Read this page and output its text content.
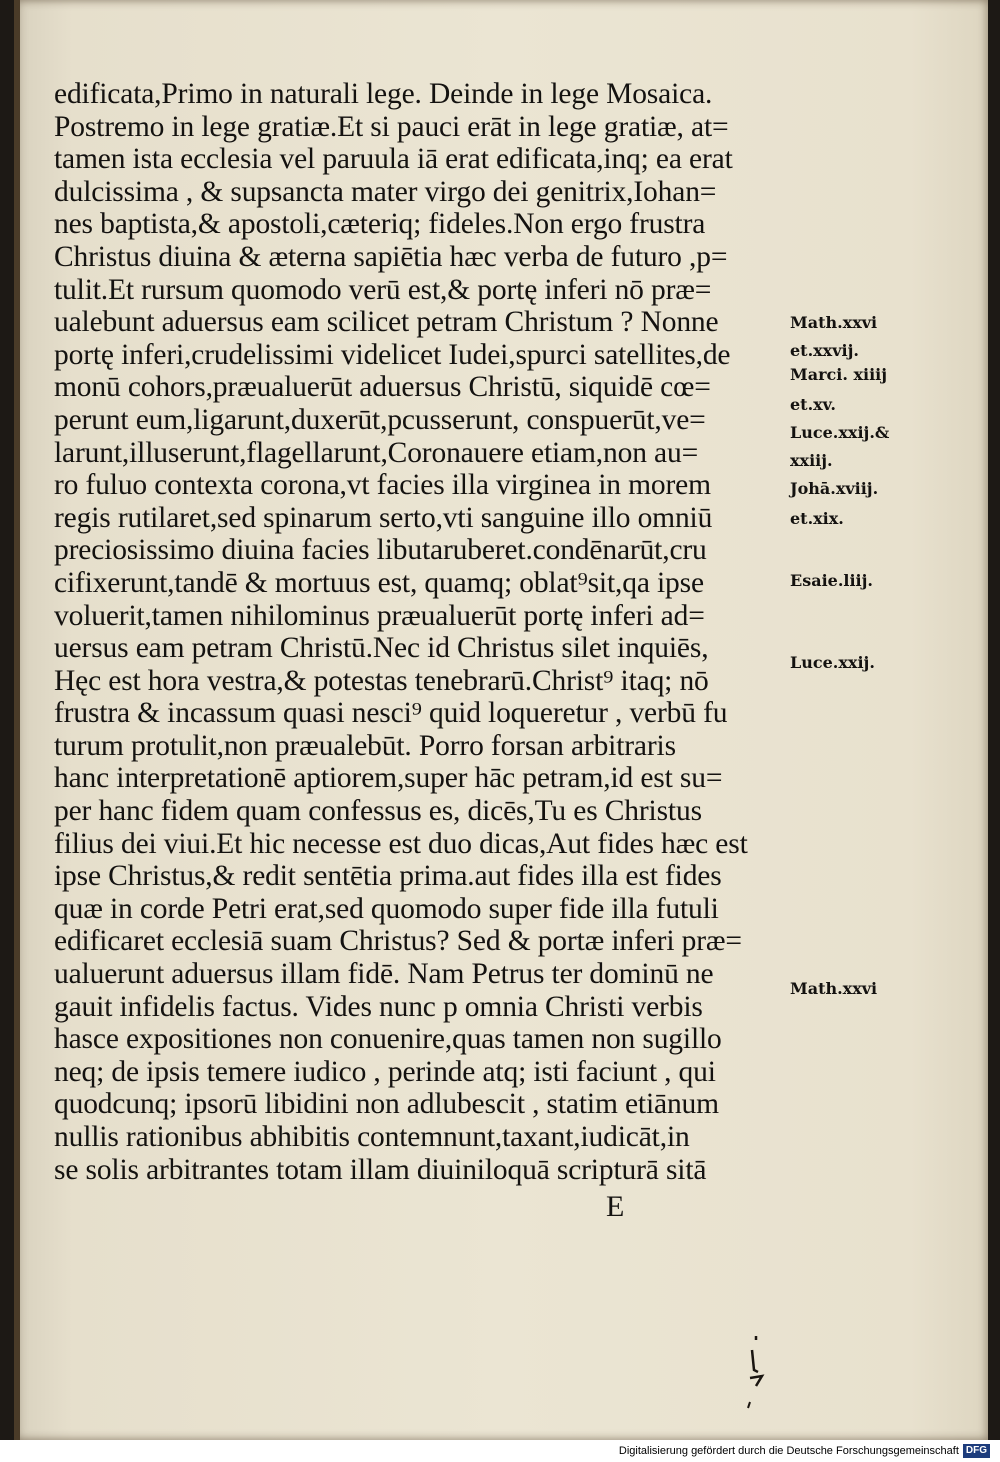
edificata,Primo in naturali lege. Deinde in lege Mosaica.
Postremo in lege gratiæ.Et si pauci erāt in lege gratiæ, at=
tamen ista ecclesia vel paruula iā erat edificata,inq; ea erat
dulcissima , & supsancta mater virgo dei genitrix,Iohan=
nes baptista,& apostoli,cæteriq; fideles.Non ergo frustra
Christus diuina & æterna sapiētia hæc verba de futuro ,p=
tulit.Et rursum quomodo verū est,& portę inferi nō præ=
ualebunt aduersus eam scilicet petram Christum ? Nonne
portę inferi,crudelissimi videlicet Iudei,spurci satellites,de
monū cohors,præualuerūt aduersus Christū, siquidē cœ=
perunt eum,ligarunt,duxerūt,pcusserunt, conspuerūt,ve=
larunt,illuserunt,flagellarunt,Coronauere etiam,non au=
ro fuluo contexta corona,vt facies illa virginea in morem
regis rutilaret,sed spinarum serto,vti sanguine illo omniū
preciosissimo diuina facies libutaruberet.condēnarūt,cru
cifixerunt,tandē & mortuus est, quamq; oblat⁹sit,qa ipse
voluerit,tamen nihilominus præualuerūt portę inferi ad=
uersus eam petram Christū.Nec id Christus silet inquiēs,
Hęc est hora vestra,& potestas tenebrarū.Christ⁹ itaq; nō
frustra & incassum quasi nesci⁹ quid loqueretur , verbū fu
turum protulit,non præualebūt. Porro forsan arbitraris
hanc interpretationē aptiorem,super hāc petram,id est su=
per hanc fidem quam confessus es, dicēs,Tu es Christus
filius dei viui.Et hic necesse est duo dicas,Aut fides hæc est
ipse Christus,& redit sentētia prima.aut fides illa est fides
quæ in corde Petri erat,sed quomodo super fide illa futuli
edificaret ecclesiā suam Christus? Sed & portæ inferi præ=
ualuerunt aduersus illam fidē. Nam Petrus ter dominū ne
gauit infidelis factus. Vides nunc p omnia Christi verbis
hasce expositiones non conuenire,quas tamen non sugillo
neq; de ipsis temere iudico , perinde atq; isti faciunt , qui
quodcunq; ipsorū libidini non adlubescit , statim etiānum
nullis rationibus abhibitis contemnunt,taxant,iudicāt,in
se solis arbitrantes totam illam diuiniloquā scripturā sitā
E
Math.xxvi
et.xxvij.
Marci. xiiij
et.xv.
Luce.xxij.&
xxiij.
Johā.xviij.
et.xix.
Esaie.liij.
Luce.xxij.
Math.xxvi
Digitalisierung gefördert durch die Deutsche Forschungsgemeinschaft DFG
